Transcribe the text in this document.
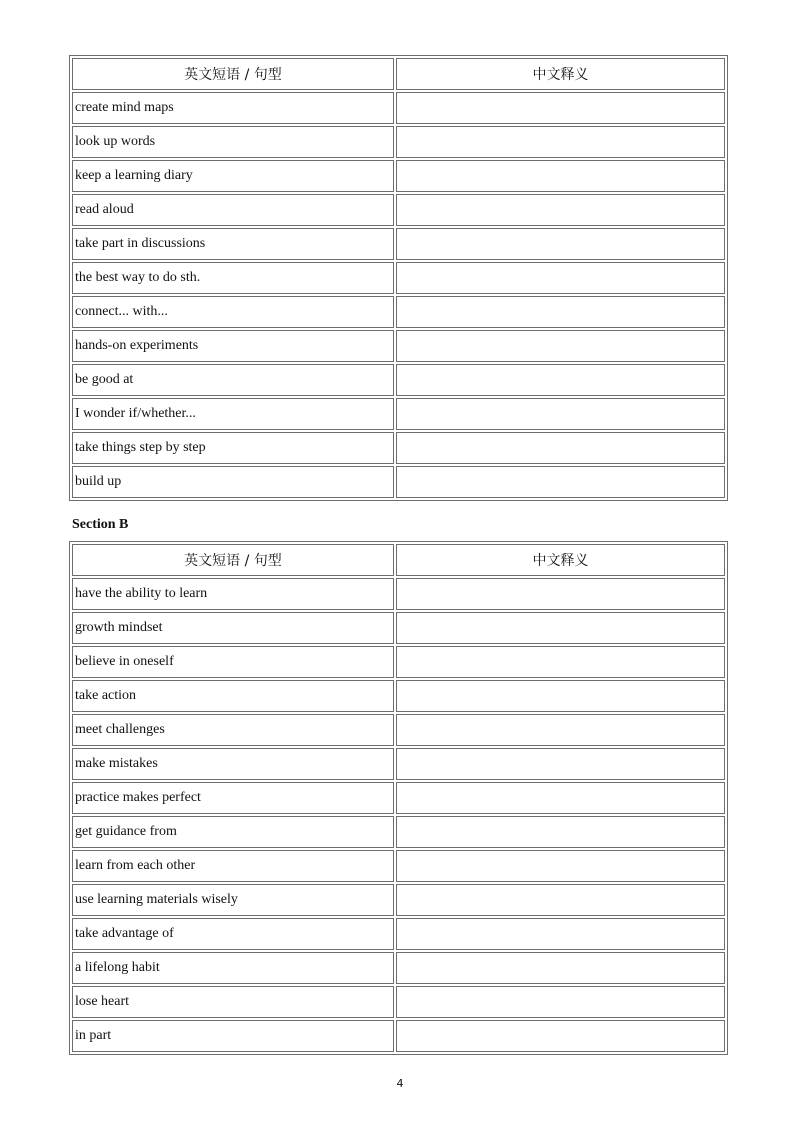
英文短语 / 句型	中文释义
create mind maps	
look up words	
keep a learning diary	
read aloud	
take part in discussions	
the best way to do sth.	
connect... with...	
hands-on experiments	
be good at	
I wonder if/whether...	
take things step by step	
build up	
Section B
英文短语 / 句型	中文释义
have the ability to learn	
growth mindset	
believe in oneself	
take action	
meet challenges	
make mistakes	
practice makes perfect	
get guidance from	
learn from each other	
use learning materials wisely	
take advantage of	
a lifelong habit	
lose heart	
in part	
4
